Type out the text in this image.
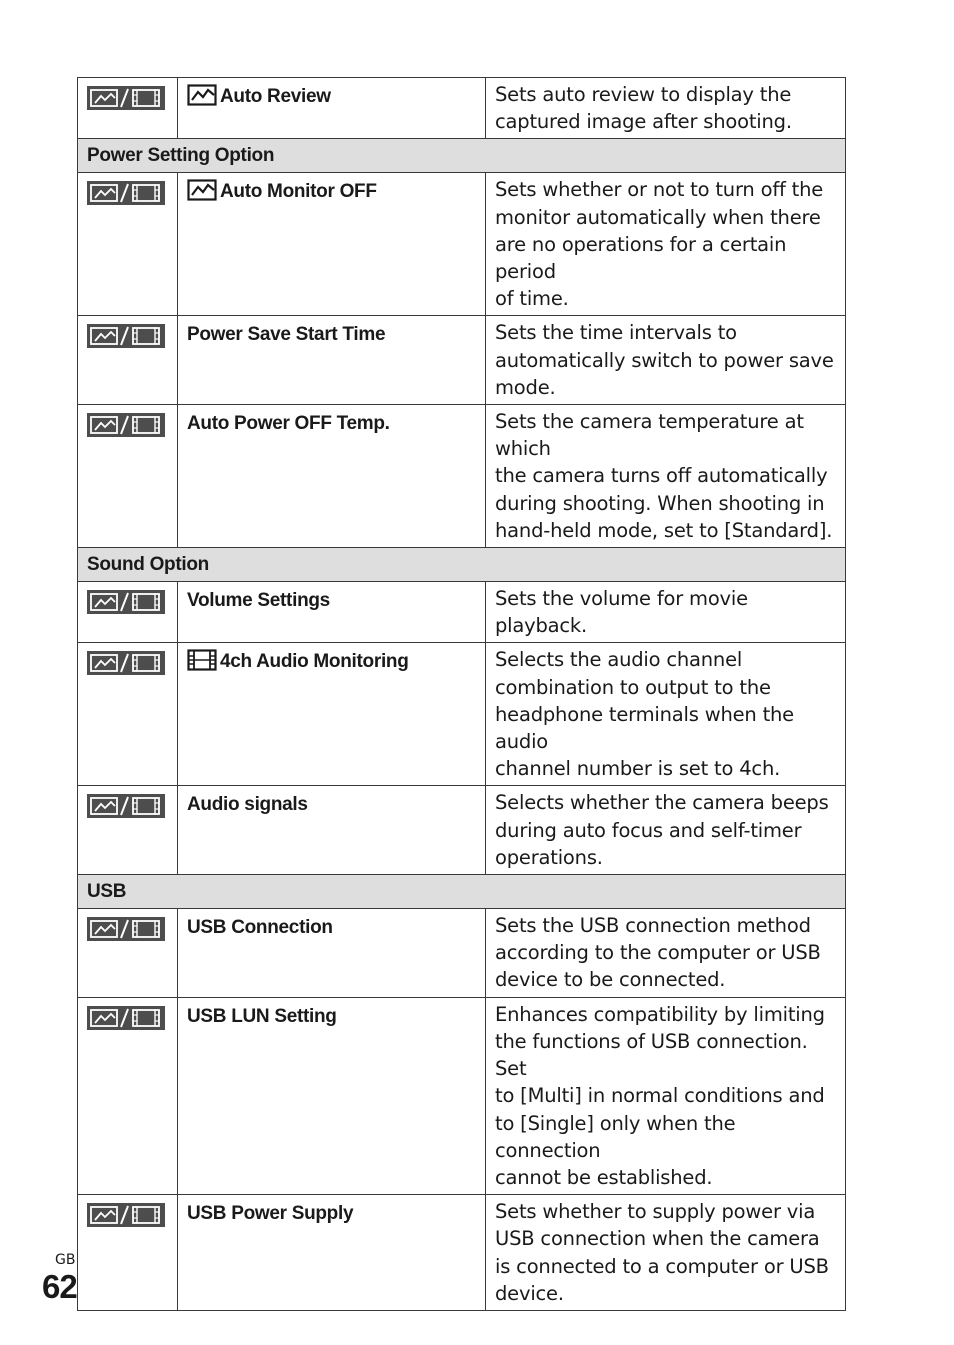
	Auto Review	Sets auto review to display the
captured image after shooting.

Power Setting Option		

	Auto Monitor OFF	Sets whether or not to turn off the
monitor automatically when there
are no operations for a certain period
of time.

	Power Save Start Time	Sets the time intervals to
automatically switch to power save
mode.

	Auto Power OFF Temp.	Sets the camera temperature at which
the camera turns off automatically
during shooting. When shooting in
hand-held mode, set to [Standard].

Sound Option		

	Volume Settings	Sets the volume for movie playback.

	4ch Audio Monitoring	Selects the audio channel
combination to output to the
headphone terminals when the audio
channel number is set to 4ch.

	Audio signals	Selects whether the camera beeps
during auto focus and self-timer
operations.

USB		

	USB Connection	Sets the USB connection method
according to the computer or USB
device to be connected.

	USB LUN Setting	Enhances compatibility by limiting
the functions of USB connection. Set
to [Multi] in normal conditions and
to [Single] only when the connection
cannot be established.

	USB Power Supply	Sets whether to supply power via
USB connection when the camera
is connected to a computer or USB
device.
GB
62
